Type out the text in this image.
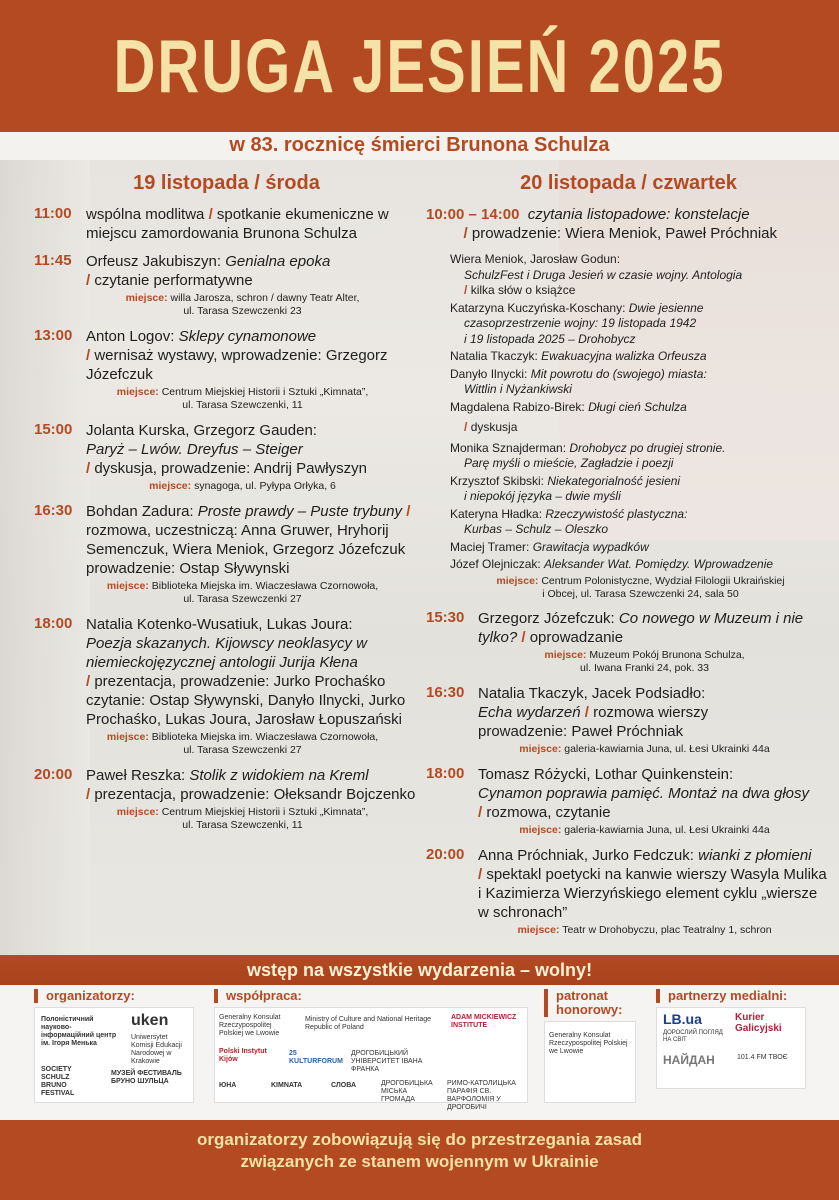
DRUGA JESIEŃ 2025
w 83. rocznicę śmierci Brunona Schulza
19 listopada / środa
11:00 wspólna modlitwa / spotkanie ekumeniczne w miejscu zamordowania Brunona Schulza
11:45 Orfeusz Jakubiszyn: Genialna epoka
/ czytanie performatywne
miejsce: willa Jarosza, schron / dawny Teatr Alter,
ul. Tarasa Szewczenki 23
13:00 Anton Logov: Sklepy cynamonowe
/ wernisaż wystawy, wprowadzenie: Grzegorz Józefczuk
miejsce: Centrum Miejskiej Historii i Sztuki „Kimnata”,
ul. Tarasa Szewczenki, 11
15:00 Jolanta Kurska, Grzegorz Gauden:
Paryż – Lwów. Dreyfus – Steiger
/ dyskusja, prowadzenie: Andrij Pawłyszyn
miejsce: synagoga, ul. Pyłypa Orłyka, 6
16:30 Bohdan Zadura: Proste prawdy – Puste trybuny / rozmowa, uczestniczą: Anna Gruwer, Hryhorij Semenczuk, Wiera Meniok, Grzegorz Józefczuk
prowadzenie: Ostap Sływynski
miejsce: Biblioteka Miejska im. Wiaczesława Czornowoła,
ul. Tarasa Szewczenki 27
18:00 Natalia Kotenko-Wusatiuk, Lukas Joura:
Poezja skazanych. Kijowscy neoklasycy w niemieckojęzycznej antologii Jurija Kłena
/ prezentacja, prowadzenie: Jurko Prochaśko
czytanie: Ostap Sływynski, Danyło Ilnycki, Jurko Prochaśko, Lukas Joura, Jarosław Łopuszański
miejsce: Biblioteka Miejska im. Wiaczesława Czornowoła,
ul. Tarasa Szewczenki 27
20:00 Paweł Reszka: Stolik z widokiem na Kreml
/ prezentacja, prowadzenie: Ołeksandr Bojczenko
miejsce: Centrum Miejskiej Historii i Sztuki „Kimnata”,
ul. Tarasa Szewczenki, 11
20 listopada / czwartek
10:00 – 14:00 czytania listopadowe: konstelacje
/ prowadzenie: Wiera Meniok, Paweł Próchniak
Wiera Meniok, Jarosław Godun:

SchulzFest i Druga Jesień w czasie wojny. Antologia
/ kilka słów o książce
Katarzyna Kuczyńska-Koschany: Dwie jesienne
czasoprzestrzenie wojny: 19 listopada 1942
i 19 listopada 2025 – Drohobycz
Natalia Tkaczyk: Ewakuacyjna walizka Orfeusza
Danyło Ilnycki: Mit powrotu do (swojego) miasta:
Wittlin i Nyżankiwski
Magdalena Rabizo-Birek: Długi cień Schulza
/ dyskusja
Monika Sznajderman: Drohobycz po drugiej stronie.
Parę myśli o mieście, Zagładzie i poezji
Krzysztof Skibski: Niekategorialność jesieni
i niepokój języka – dwie myśli
Kateryna Hładka: Rzeczywistość plastyczna:
Kurbas – Schulz – Oleszko
Maciej Tramer: Grawitacja wypadków
Józef Olejniczak: Aleksander Wat. Pomiędzy. Wprowadzenie
miejsce: Centrum Polonistyczne, Wydział Filologii Ukraińskiej
i Obcej, ul. Tarasa Szewczenki 24, sala 50
15:30 Grzegorz Józefczuk: Co nowego w Muzeum i nie tylko? / oprowadzanie
miejsce: Muzeum Pokój Brunona Schulza,
ul. Iwana Franki 24, pok. 33
16:30 Natalia Tkaczyk, Jacek Podsiadło:
Echa wydarzeń / rozmowa wierszy
prowadzenie: Paweł Próchniak
miejsce: galeria-kawiarnia Juna, ul. Łesi Ukrainki 44a
18:00 Tomasz Różycki, Lothar Quinkenstein:
Cynamon poprawia pamięć. Montaż na dwa głosy
/ rozmowa, czytanie
miejsce: galeria-kawiarnia Juna, ul. Łesi Ukrainki 44a
20:00 Anna Próchniak, Jurko Fedczuk: wianki z płomieni
/ spektakl poetycki na kanwie wierszy Wasyla Mulika i Kazimierza Wierzyńskiego element cyklu „wiersze w schronach”
miejsce: Teatr w Drohobyczu, plac Teatralny 1, schron
wstęp na wszystkie wydarzenia – wolny!
organizatorzy:
Полоністичний науково-інформаційний центр ім. Ігоря Менька
uken
Uniwersytet Komisji Edukacji Narodowej w Krakowie
SOCIETY SCHULZ BRUNO FESTIVAL
МУЗЕЙ ФЕСТИВАЛЬ БРУНО ШУЛЬЦА
współpraca:
Generalny Konsulat Rzeczypospolitej Polskiej we Lwowie
Ministry of Culture and National Heritage Republic of Poland
ADAM MICKIEWICZ INSTITUTE
Polski Instytut Kijów
25 KULTURFORUM
ДРОГОБИЦЬКИЙ УНІВЕРСИТЕТ ІВАНА ФРАНКА
ЮНА	KIMNATA	СЛОВА	ДРОГОБИЦЬКА МІСЬКА ГРОМАДА
РИМО-КАТОЛИЦЬКА ПАРАФІЯ СВ. ВАРФОЛОМІЯ У ДРОГОБИЧІ
patronat honorowy:
Generalny Konsulat Rzeczypospolitej Polskiej we Lwowie
partnerzy medialni:
LB.ua
ДОРОСЛИЙ ПОГЛЯД НА СВІТ
Kurier Galicyjski
НАЙДАН	101.4 FM ТВОЄ
organizatorzy zobowiązują się do przestrzegania zasad
związanych ze stanem wojennym w Ukrainie
